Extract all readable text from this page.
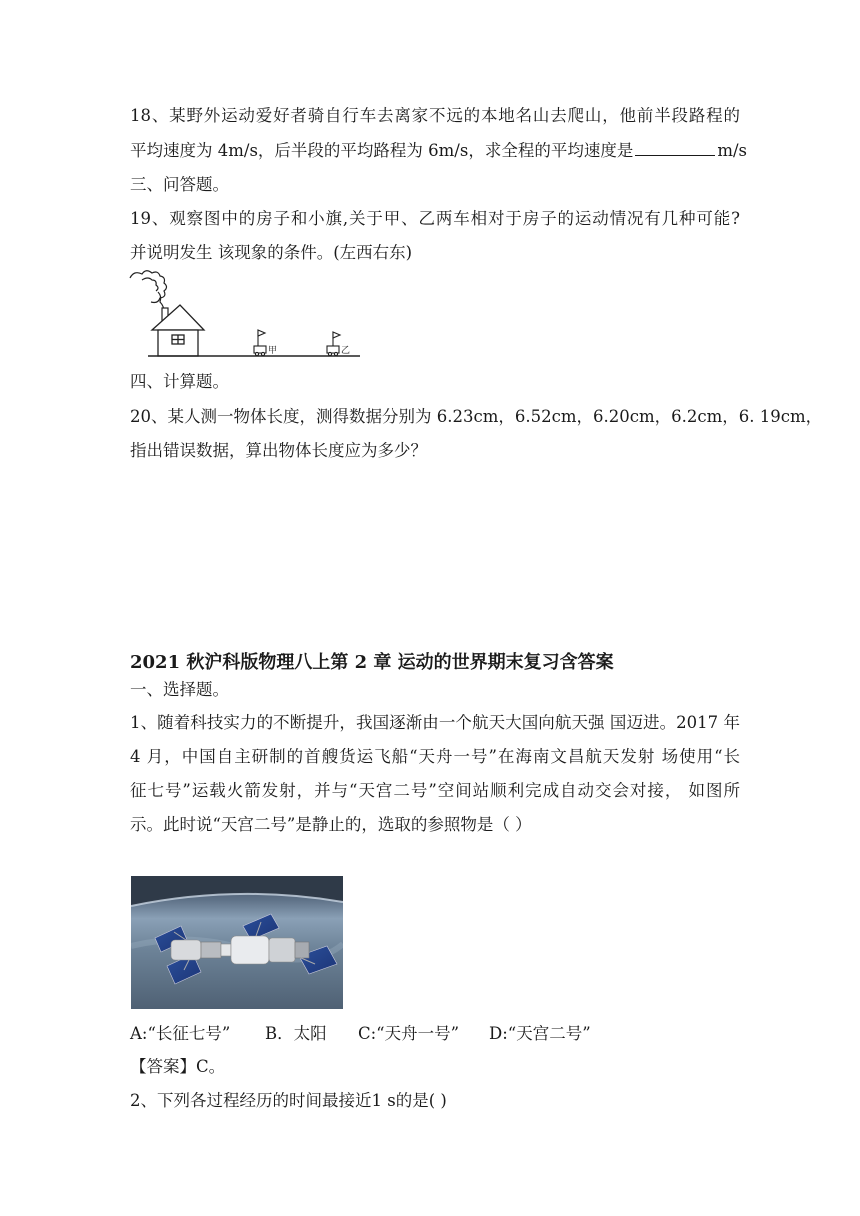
18、某野外运动爱好者骑自行车去离家不远的本地名山去爬山，他前半段路程的
平均速度为 4m/s，后半段的平均路程为 6m/s，求全程的平均速度是	m/s
三、问答题。
19、观察图中的房子和小旗,关于甲、乙两车相对于房子的运动情况有几种可能?
并说明发生 该现象的条件。(左西右东)
甲	乙
四、计算题。
20、某人测一物体长度，测得数据分别为 6.23cm，6.52cm，6.20cm，6.2cm，6. 19cm，
指出错误数据，算出物体长度应为多少？
2021 秋沪科版物理八上第 2 章 运动的世界期末复习含答案
一、选择题。
1、随着科技实力的不断提升，我国逐渐由一个航天大国向航天强 国迈进。2017 年
4 月，中国自主研制的首艘货运飞船“天舟一号”在海南文昌航天发射 场使用“长
征七号”运载火箭发射，并与“天宫二号”空间站顺利完成自动交会对接， 如图所
示。此时说“天宫二号”是静止的，选取的参照物是（ ）
A:“长征七号” B．太阳 C:“天舟一号” D:“天宫二号”
【答案】C。
2、下列各过程经历的时间最接近1 s的是( )
